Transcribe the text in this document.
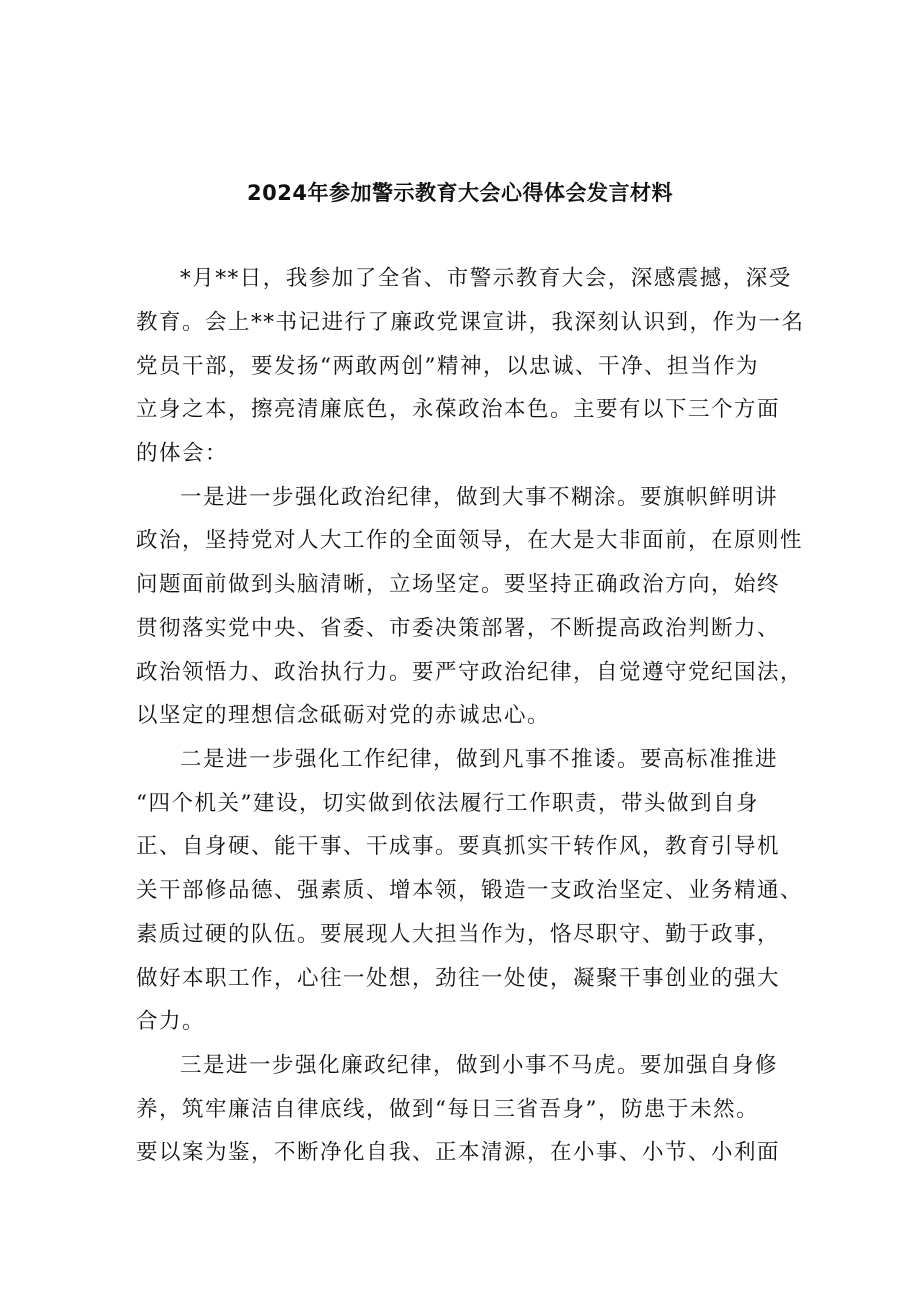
2024年参加警示教育大会心得体会发言材料
*月**日，我参加了全省、市警示教育大会，深感震撼，深受
教育。会上**书记进行了廉政党课宣讲，我深刻认识到，作为一名
党员干部，要发扬“两敢两创”精神，以忠诚、干净、担当作为
立身之本，擦亮清廉底色，永葆政治本色。主要有以下三个方面
的体会：
一是进一步强化政治纪律，做到大事不糊涂。要旗帜鲜明讲
政治，坚持党对人大工作的全面领导，在大是大非面前，在原则性
问题面前做到头脑清晰，立场坚定。要坚持正确政治方向，始终
贯彻落实党中央、省委、市委决策部署，不断提高政治判断力、
政治领悟力、政治执行力。要严守政治纪律，自觉遵守党纪国法，
以坚定的理想信念砥砺对党的赤诚忠心。
二是进一步强化工作纪律，做到凡事不推诿。要高标准推进
“四个机关”建设，切实做到依法履行工作职责，带头做到自身
正、自身硬、能干事、干成事。要真抓实干转作风，教育引导机
关干部修品德、强素质、增本领，锻造一支政治坚定、业务精通、
素质过硬的队伍。要展现人大担当作为，恪尽职守、勤于政事，
做好本职工作，心往一处想，劲往一处使，凝聚干事创业的强大
合力。
三是进一步强化廉政纪律，做到小事不马虎。要加强自身修
养，筑牢廉洁自律底线，做到“每日三省吾身”，防患于未然。
要以案为鉴，不断净化自我、正本清源，在小事、小节、小利面
